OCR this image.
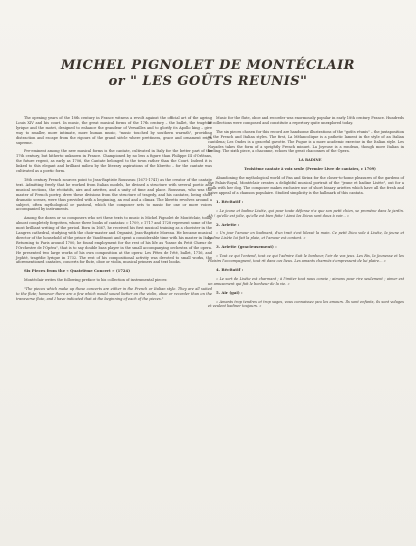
MICHEL PIGNOLET DE MONTÉCLAIR
or " LES GOÛTS REUNIS"

The opening years of the 18th century in France witness a revolt against the official art of the ageing Louis XIV and his court. In music, the great musical forms of the 17th century – the ballet, the tragédie lyrique and the motet, designed to enhance the grandeur of Versailles and to glorify its Apollo king – give way to smaller, more intimate, more human music, "music touched by southern warmth", providing distraction and escape from the rigours of the grand siècle where prettiness, grace and ornament reign supreme.

Pre-eminent among the new musical forms is the cantate, cultivated in Italy for the better part of the 17th century, but hitherto unknown in France. Championed by no less a figure than Philippe III d'Orléans, the future regent, as early as 1706, the Cantate belonged to the town rather than the Court. Indeed it is linked to this elegant and brilliant milieu by the literary aspirations of the libretto – for the cantate was cultivated as a poetic form.

18th century French sources point to Jean-Baptiste Rousseau (1671-1741) as the creator of the cantate text. Admitting freely that he worked from Italian models, he divined a structure with several poetic and musical sections, the récitatifs, airs and ariettes, and a unity of time and place. Rousseau, who was the master of French poetry, drew these divisions from the structure of tragedy, and his cantates, being short dramatic scenes, were thus provided with a beginning, an end and a climax. The libretto revolves around a subject, often mythological or pastoral, which the composer sets to music for one or more voices accompanied by instruments.

Among the dozen or so composers who set these texts to music is Michel Pignolet de Montéclair, today almost completely forgotten, whose three books of cantatas: c 1709, c 1717 and 1728 represent some of the most brilliant writing of the period. Born in 1667, he received his first musical training as a chorister in the Langres cathedral, studying with the choir-master and Organist, Jean-Baptiste Moreau. He became musical director of the household of the prince de Vaudémont and spent a considerable time with his master in Italy. Returning to Paris around 1700, he found employment for the rest of his life as "basse du Petit Chœur de l'Orchestre de l'Opéra", that is to say double bass player in the small accompanying orchestra of the opera. He presented two large works of his own composition at the opera: Les Fêtes de l'été, ballet, 1716, and Jephté, tragédie lyrique in 1732. The rest of his compositional activity was devoted to small works, the aforementioned cantates, concerts for flute, oboe or violin, musical primers and text books.

Six Pieces from the « Quatrième Concert » (1724)

Montéclair writes the following preface to his collection of instrumental pieces:

"The pieces which make up these concerts are either in the French or Italian style. They are all suited to the flute; however there are a few which would sound better on the violin, oboe or recorder than on the transverse flute, and I have indicated that at the beginning of each of the pieces."

Music for the flute, oboe and recorder was enormously popular in early 18th century France. Hundreds of collections were composed and constitute a repertory quite unexplored today.

The six pieces chosen for this record are handsome illustrations of the "goûts réunis" – the juxtaposition of the French and Italian styles. The first, La Mélancolique is a pathetic lament in the style of an Italian cantilena; Les Ondes is a graceful gavotte. The Fugue is a more academic exercise in the Italian style. Les Nayades takes the form of a sprightly French minuet. La Joyeuse is a rondeau, though more Italian in feeling. The sixth piece, a chaconne, echoes the great chaconnes of the Opera.

LA BADINE

Troisième cantate à voix seule (Premier Livre de cantates, c 1709)

Abandoning the mythological world of Pan and Sirinx for the closer-to-home pleasures of the gardens of the Palais-Royal, Montéclair creates a delightful musical portrait of the "jeune et badine Lisète", out for a walk with her dog. The composer makes exclusive use of short binary ariettes which have all the fresh and naive appeal of a chanson populaire. Studied simplicity is the hallmark of this cantata.

1. Récitatif :

« Le jeune et badine Lisète, qui pour toute défense n'a que son petit chien, se promène dans le jardin. Ah ! qu'elle est jolie, qu'elle est bien faite ! Ainsi les Dieux sont doux à voir... »

2. Ariette :

« Un jour l'amour en badinant, d'un trait s'est blessé la main. Ce petit Dieu vole à Lisète, la jeune et badine Lisète lui fait la plaie, et l'amour est content. »

3. Ariette (gracieusement) :

« Tout ce qui l'entend, tout ce qui l'admire Suit le bonheur, l'air de vos jeux. Les Ris, la Jeunesse et les Plaisirs l'accompagnent, tout rit dans ces lieux. Les amants charmés s'empressent de lui plaire... »

4. Récitatif :

« Le sort de Lisète est charmant ; à l'imiter tout nous convie ; aimons pour rire seulement ; aimer est un amusement qui fait le bonheur de la vie. »

5. Air (gai) :

« Amants trop tendres et trop sages, vous connaissez peu les amours. Ils sont enfants, ils sont volages et veulent badiner toujours. »
